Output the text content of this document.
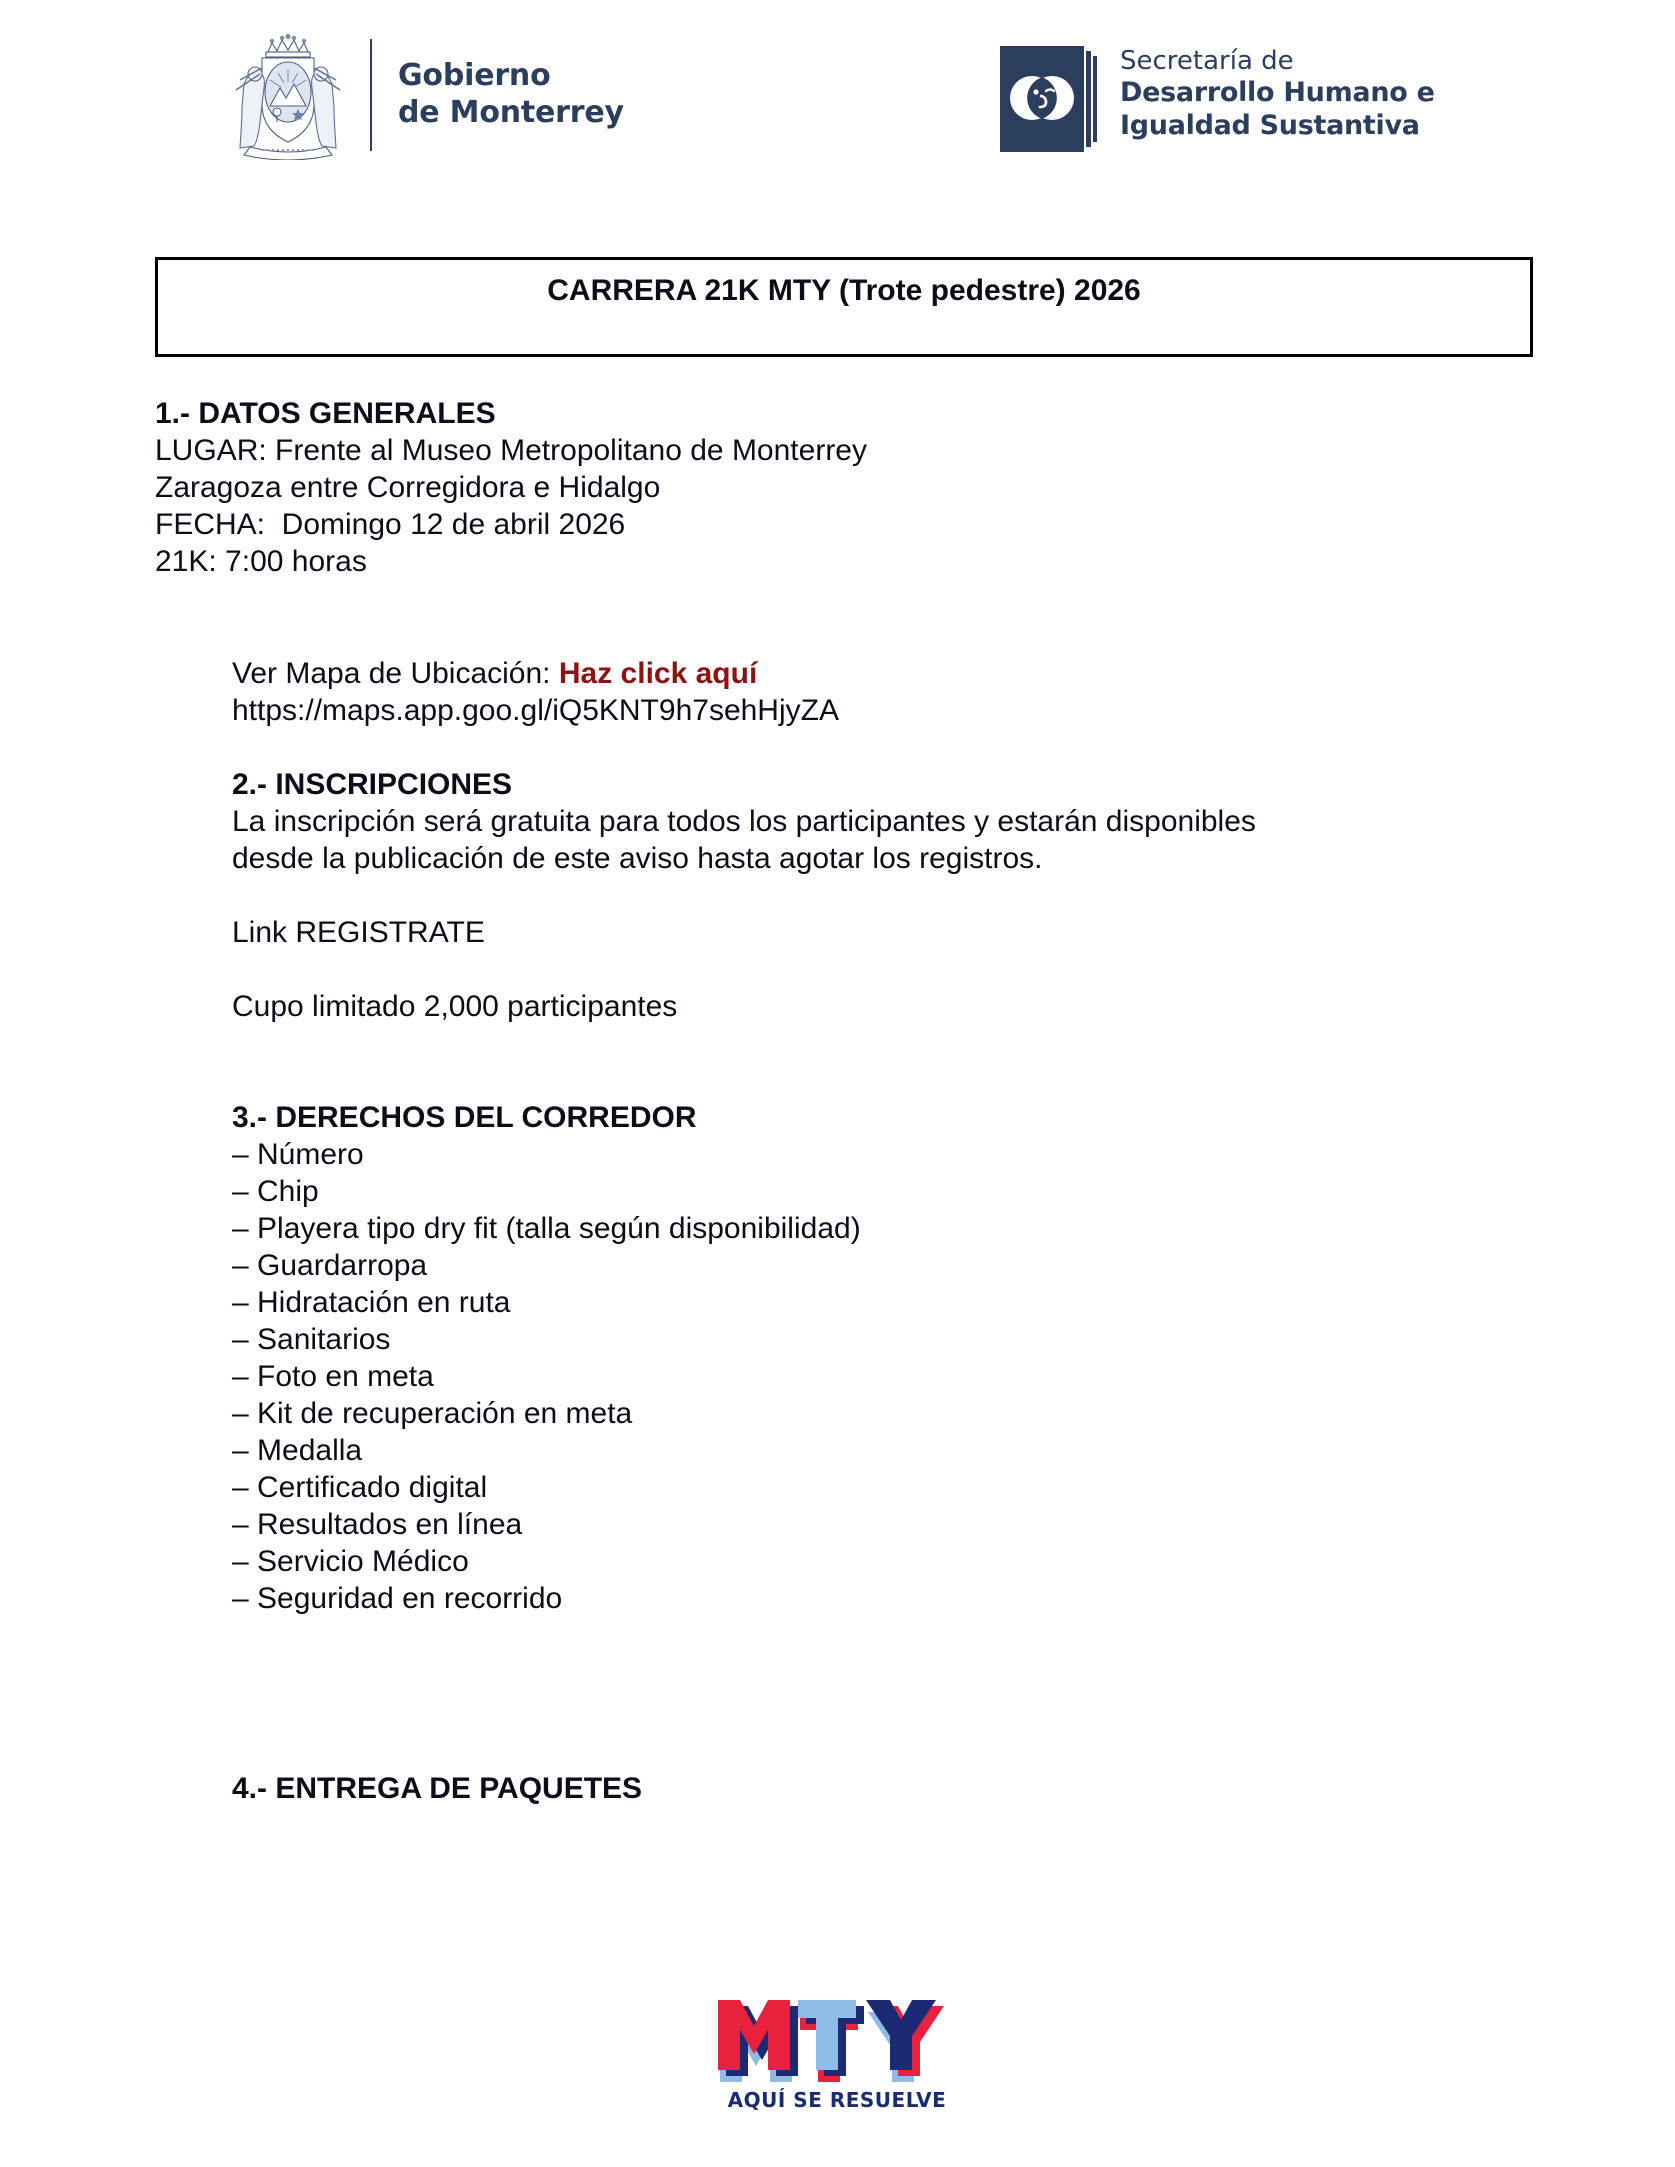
Gobierno
de Monterrey
Secretaría de
Desarrollo Humano e
Igualdad Sustantiva
CARRERA 21K MTY (Trote pedestre) 2026
1.- DATOS GENERALES
LUGAR: Frente al Museo Metropolitano de Monterrey
Zaragoza entre Corregidora e Hidalgo
FECHA:  Domingo 12 de abril 2026
21K: 7:00 horas
Ver Mapa de Ubicación: Haz click aquí
https://maps.app.goo.gl/iQ5KNT9h7sehHjyZA
2.- INSCRIPCIONES
La inscripción será gratuita para todos los participantes y estarán disponibles
desde la publicación de este aviso hasta agotar los registros.
Link REGISTRATE
Cupo limitado 2,000 participantes
3.- DERECHOS DEL CORREDOR
– Número
– Chip
– Playera tipo dry fit (talla según disponibilidad)
– Guardarropa
– Hidratación en ruta
– Sanitarios
– Foto en meta
– Kit de recuperación en meta
– Medalla
– Certificado digital
– Resultados en línea
– Servicio Médico
– Seguridad en recorrido
4.- ENTREGA DE PAQUETES
AQUÍ SE RESUELVE
